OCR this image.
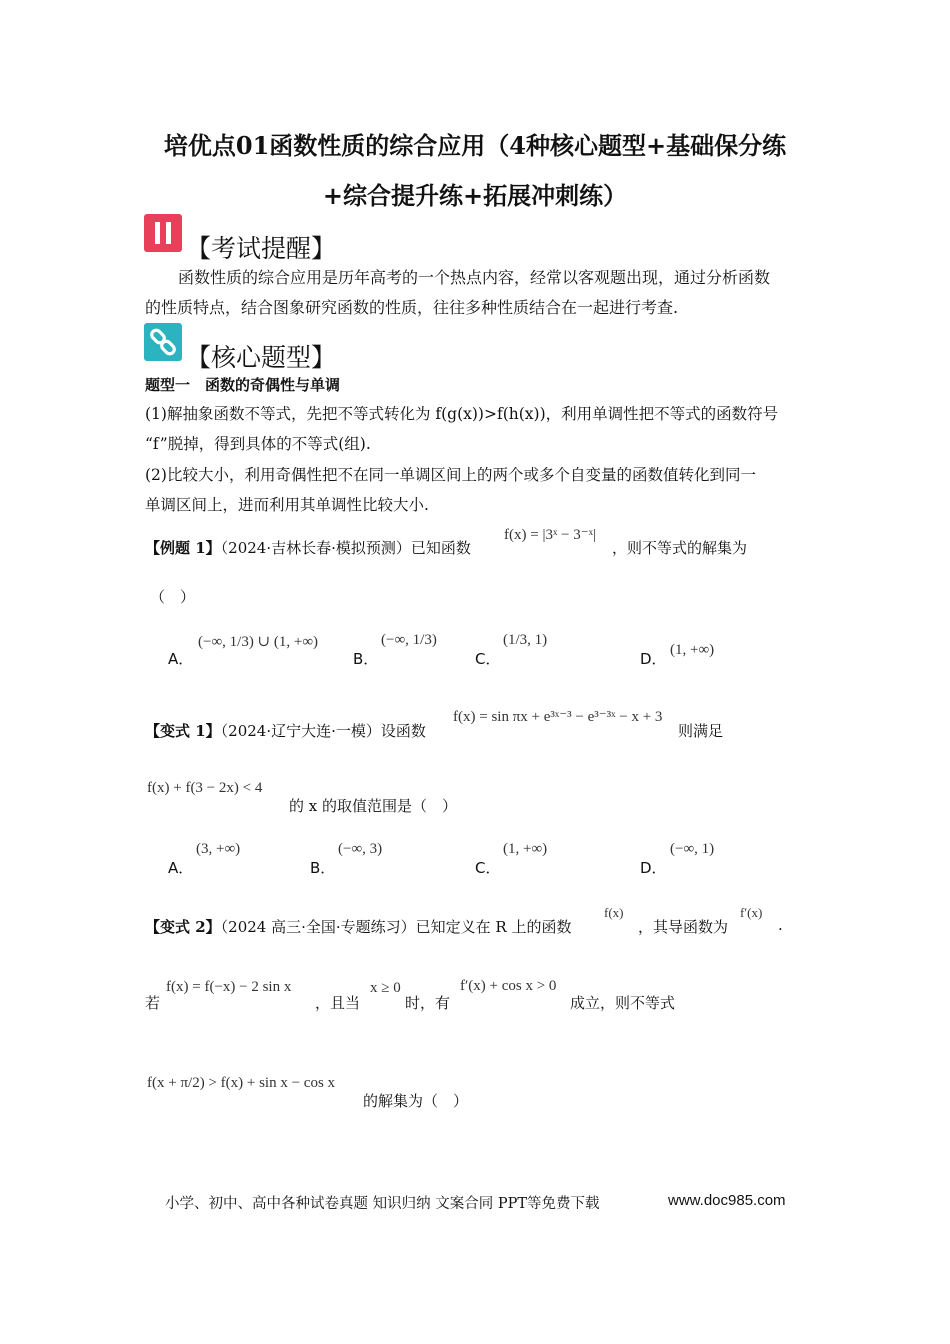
培优点01函数性质的综合应用（4种核心题型+基础保分练
+综合提升练+拓展冲刺练）
【考试提醒】
函数性质的综合应用是历年高考的一个热点内容，经常以客观题出现，通过分析函数
的性质特点，结合图象研究函数的性质，往往多种性质结合在一起进行考查.
【核心题型】
题型一　函数的奇偶性与单调
(1)解抽象函数不等式，先把不等式转化为 f(g(x))>f(h(x))，利用单调性把不等式的函数符号
“f”脱掉，得到具体的不等式(组).
(2)比较大小，利用奇偶性把不在同一单调区间上的两个或多个自变量的函数值转化到同一
单调区间上，进而利用其单调性比较大小.
【例题 1】（2024·吉林长春·模拟预测）已知函数
f(x) = |3ˣ − 3⁻ˣ|
，则不等式的解集为
（　）
A．
(−∞, 1/3) ∪ (1, +∞)
B．
(−∞, 1/3)
C．
(1/3, 1)
D． (1, +∞)
【变式 1】（2024·辽宁大连·一模）设函数
f(x) = sin πx + e³ˣ⁻³ − e³⁻³ˣ − x + 3
则满足
f(x) + f(3 − 2x) < 4
的 x 的取值范围是（　）
A．
(3, +∞)
B．
(−∞, 3)
C．
(1, +∞)
D．
(−∞, 1)
【变式 2】（2024 高三·全国·专题练习）已知定义在 R 上的函数
f(x)
，其导函数为
f′(x)
.
若
f(x) = f(−x) − 2 sin x
，且当
x ≥ 0
时，有
f′(x) + cos x > 0
成立，则不等式
f(x + π/2) > f(x) + sin x − cos x
的解集为（　）
小学、初中、高中各种试卷真题 知识归纳 文案合同 PPT等免费下载	www.doc985.com
